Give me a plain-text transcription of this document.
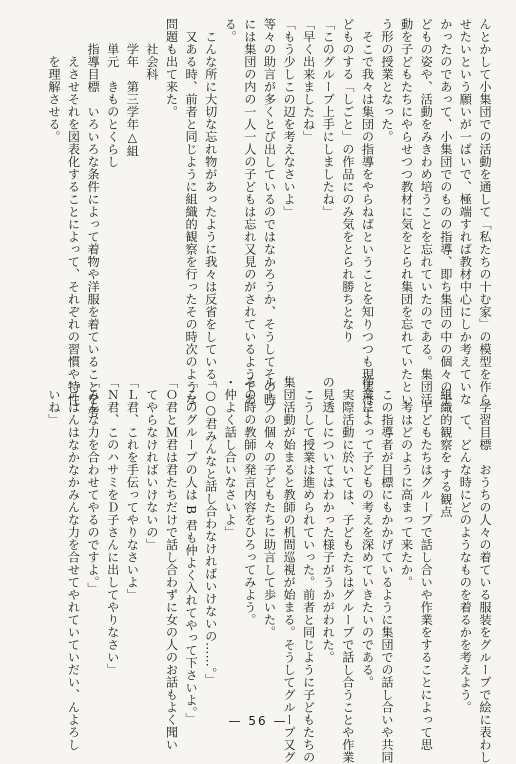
んとかして小集団での活動を通して「私たちの十む家」の模型を作ら
せたいという願いが一ぱいで、極端すれば教材中心にしか考えていな
かったのであって、小集団でのものの指導、即ち集団の中の個々の子
どもの姿や、活動をみきわめ培うことを忘れていたのである。集団活
動を子どもたちにやらせつつ教材に気をとられ集団を忘れていたとい
う形の授業となった。
　そこで我々は集団の指導をやらねばということを知りつつも現実は子
どものする「しごと」の作品にのみ気をとられ勝ちとなり
「このグループ上手にしましたね」
「早く出来ましたね」
「もう少しこの辺を考えなさいよ」
等々の助言が多くとび出しているのではなかろうか、そうしてその時
には集団の内の一人一人の子どもは忘れ又見のがされているようであ
る。
　こんな所に大切な忘れ物があったように我々は反省をしている。
　又ある時、前者と同じように組織的観察を行ったその時次のような
問題も出て来た。
　　社会科
　　学年　第三学年△組
　　単元　きものとくらし
　　指導目標　いろいろな条件によって着物や洋服を着ていることを考
　　　えさせそれを図表化することによって、それぞれの習慣や特性
　　　を理解させる。
　　学習目標　おうちの人々の着ている服装をグループで絵に表わし
　　　て、どんな時にどのようなものを着るかを考えよう。
　組織的観察を する観点
　　子どもたちはグループで話し合いや作業をすることによって思
　　考はどのように高まって来たか。
　この指導者が目標にもかかげているように集団での話し合いや共同
作業によって子どもの考えを深めていきたいのである。
　実際活動に於いては、子どもたちはグループで話し合うことや作業
の見透しについてはわかった様子がうかがわれた。
　こうして授業は進められていった。前者と同じように子どもたちの
集団活動が始まると教師の机間巡視が始まる。そうしてグループ又グ
ループの個々の子どもたちに助言して歩いた。
その時の教師の発言内容をひろってみよう。
・仲よく話し合いなさいよ」
「○○君みんなと話し合わなければいけないの……。」
「このグループの人は B 君も仲よく入れてやって下さいよ。」
「Ｏ君とＭ君は君たちだけで話し合わずに女の人のお話もよく聞い
　てやらなければいけないの」
「Ｌ君、これを手伝ってやりなさいよ」
「Ｎ君、このハサミをＤ子さんに出してやりなさい」
「みんな力を合わせてやるのですよ。」
「ニはんはなかなかみんな力を合せてやれていていだい、んよろし
　いね」
— 56 —
